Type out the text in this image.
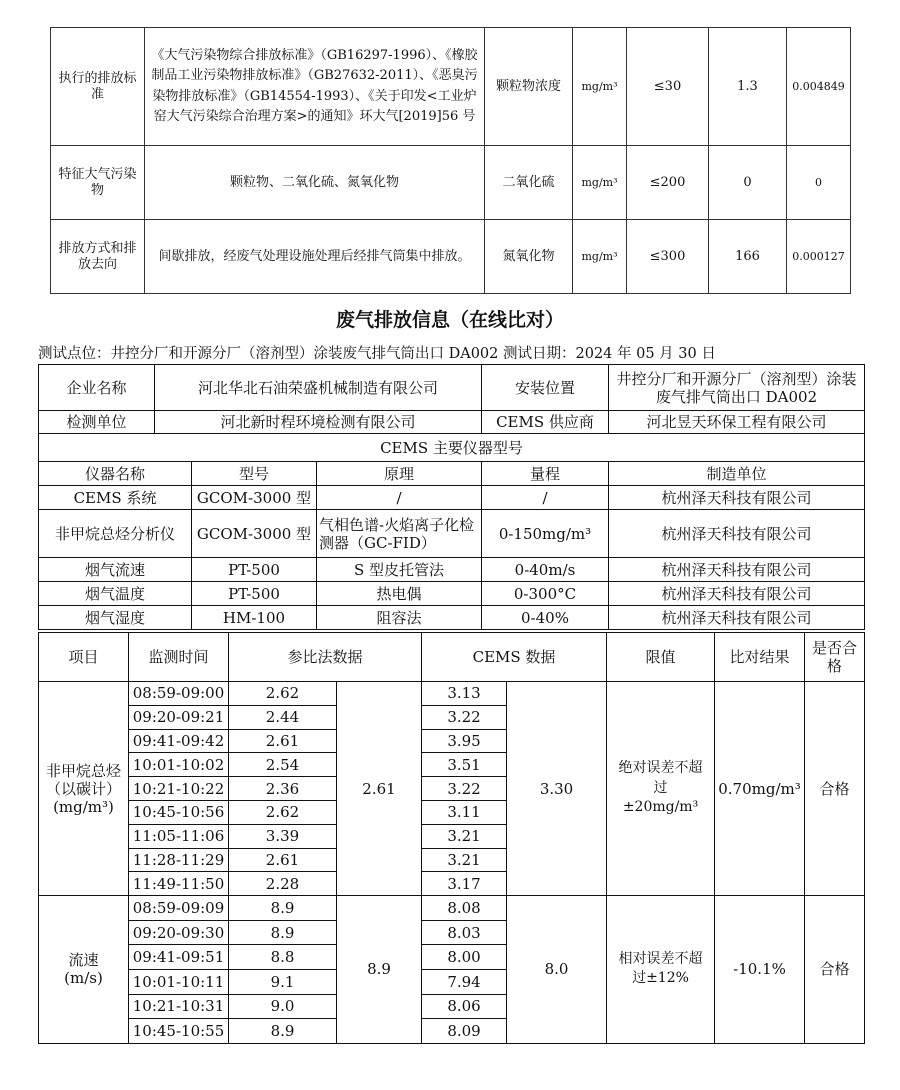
执行的排放标准	《大气污染物综合排放标准》（GB16297-1996）、《橡胶制品工业污染物排放标准》（GB27632-2011）、《恶臭污染物排放标准》（GB14554-1993）、《关于印发<工业炉窑大气污染综合治理方案>的通知》环大气[2019]56 号	颗粒物浓度	mg/m³	≤30	1.3	0.004849
特征大气污染物	颗粒物、二氧化硫、氮氧化物	二氧化硫	mg/m³	≤200	0	0
排放方式和排放去向	间歇排放，经废气处理设施处理后经排气筒集中排放。	氮氧化物	mg/m³	≤300	166	0.000127
废气排放信息（在线比对）
测试点位：井控分厂和开源分厂（溶剂型）涂装废气排气筒出口 DA002 测试日期：2024 年 05 月 30 日
企业名称	河北华北石油荣盛机械制造有限公司			安装位置	井控分厂和开源分厂（溶剂型）涂装废气排气筒出口 DA002
检测单位	河北新时程环境检测有限公司			CEMS 供应商	河北昱天环保工程有限公司
CEMS 主要仪器型号					
仪器名称		型号	原理	量程	制造单位
CEMS 系统		GCOM-3000 型	/	/	杭州泽天科技有限公司
非甲烷总烃分析仪		GCOM-3000 型	气相色谱-火焰离子化检测器（GC-FID）	0-150mg/m³	杭州泽天科技有限公司
烟气流速		PT-500	S 型皮托管法	0-40m/s	杭州泽天科技有限公司
烟气温度		PT-500	热电偶	0-300°C	杭州泽天科技有限公司
烟气湿度		HM-100	阻容法	0-40%	杭州泽天科技有限公司
项目	监测时间	参比法数据		CEMS 数据		限值	比对结果	是否合格

非甲烷总烃
（以碳计）
(mg/m³)	08:59-09:00	2.62	2.61	3.13	3.30	绝对误差不超过±20mg/m³	0.70mg/m³	合格
	09:20-09:21	2.44		3.22				
	09:41-09:42	2.61		3.95				
	10:01-10:02	2.54		3.51				
	10:21-10:22	2.36		3.22				
	10:45-10:56	2.62		3.11				
	11:05-11:06	3.39		3.21				
	11:28-11:29	2.61		3.21				
	11:49-11:50	2.28		3.17				

流速
(m/s)	08:59-09:09	8.9	8.9	8.08	8.0	相对误差不超过±12%	-10.1%	合格
	09:20-09:30	8.9		8.03				
	09:41-09:51	8.8		8.00				
	10:01-10:11	9.1		7.94				
	10:21-10:31	9.0		8.06				
	10:45-10:55	8.9		8.09				
